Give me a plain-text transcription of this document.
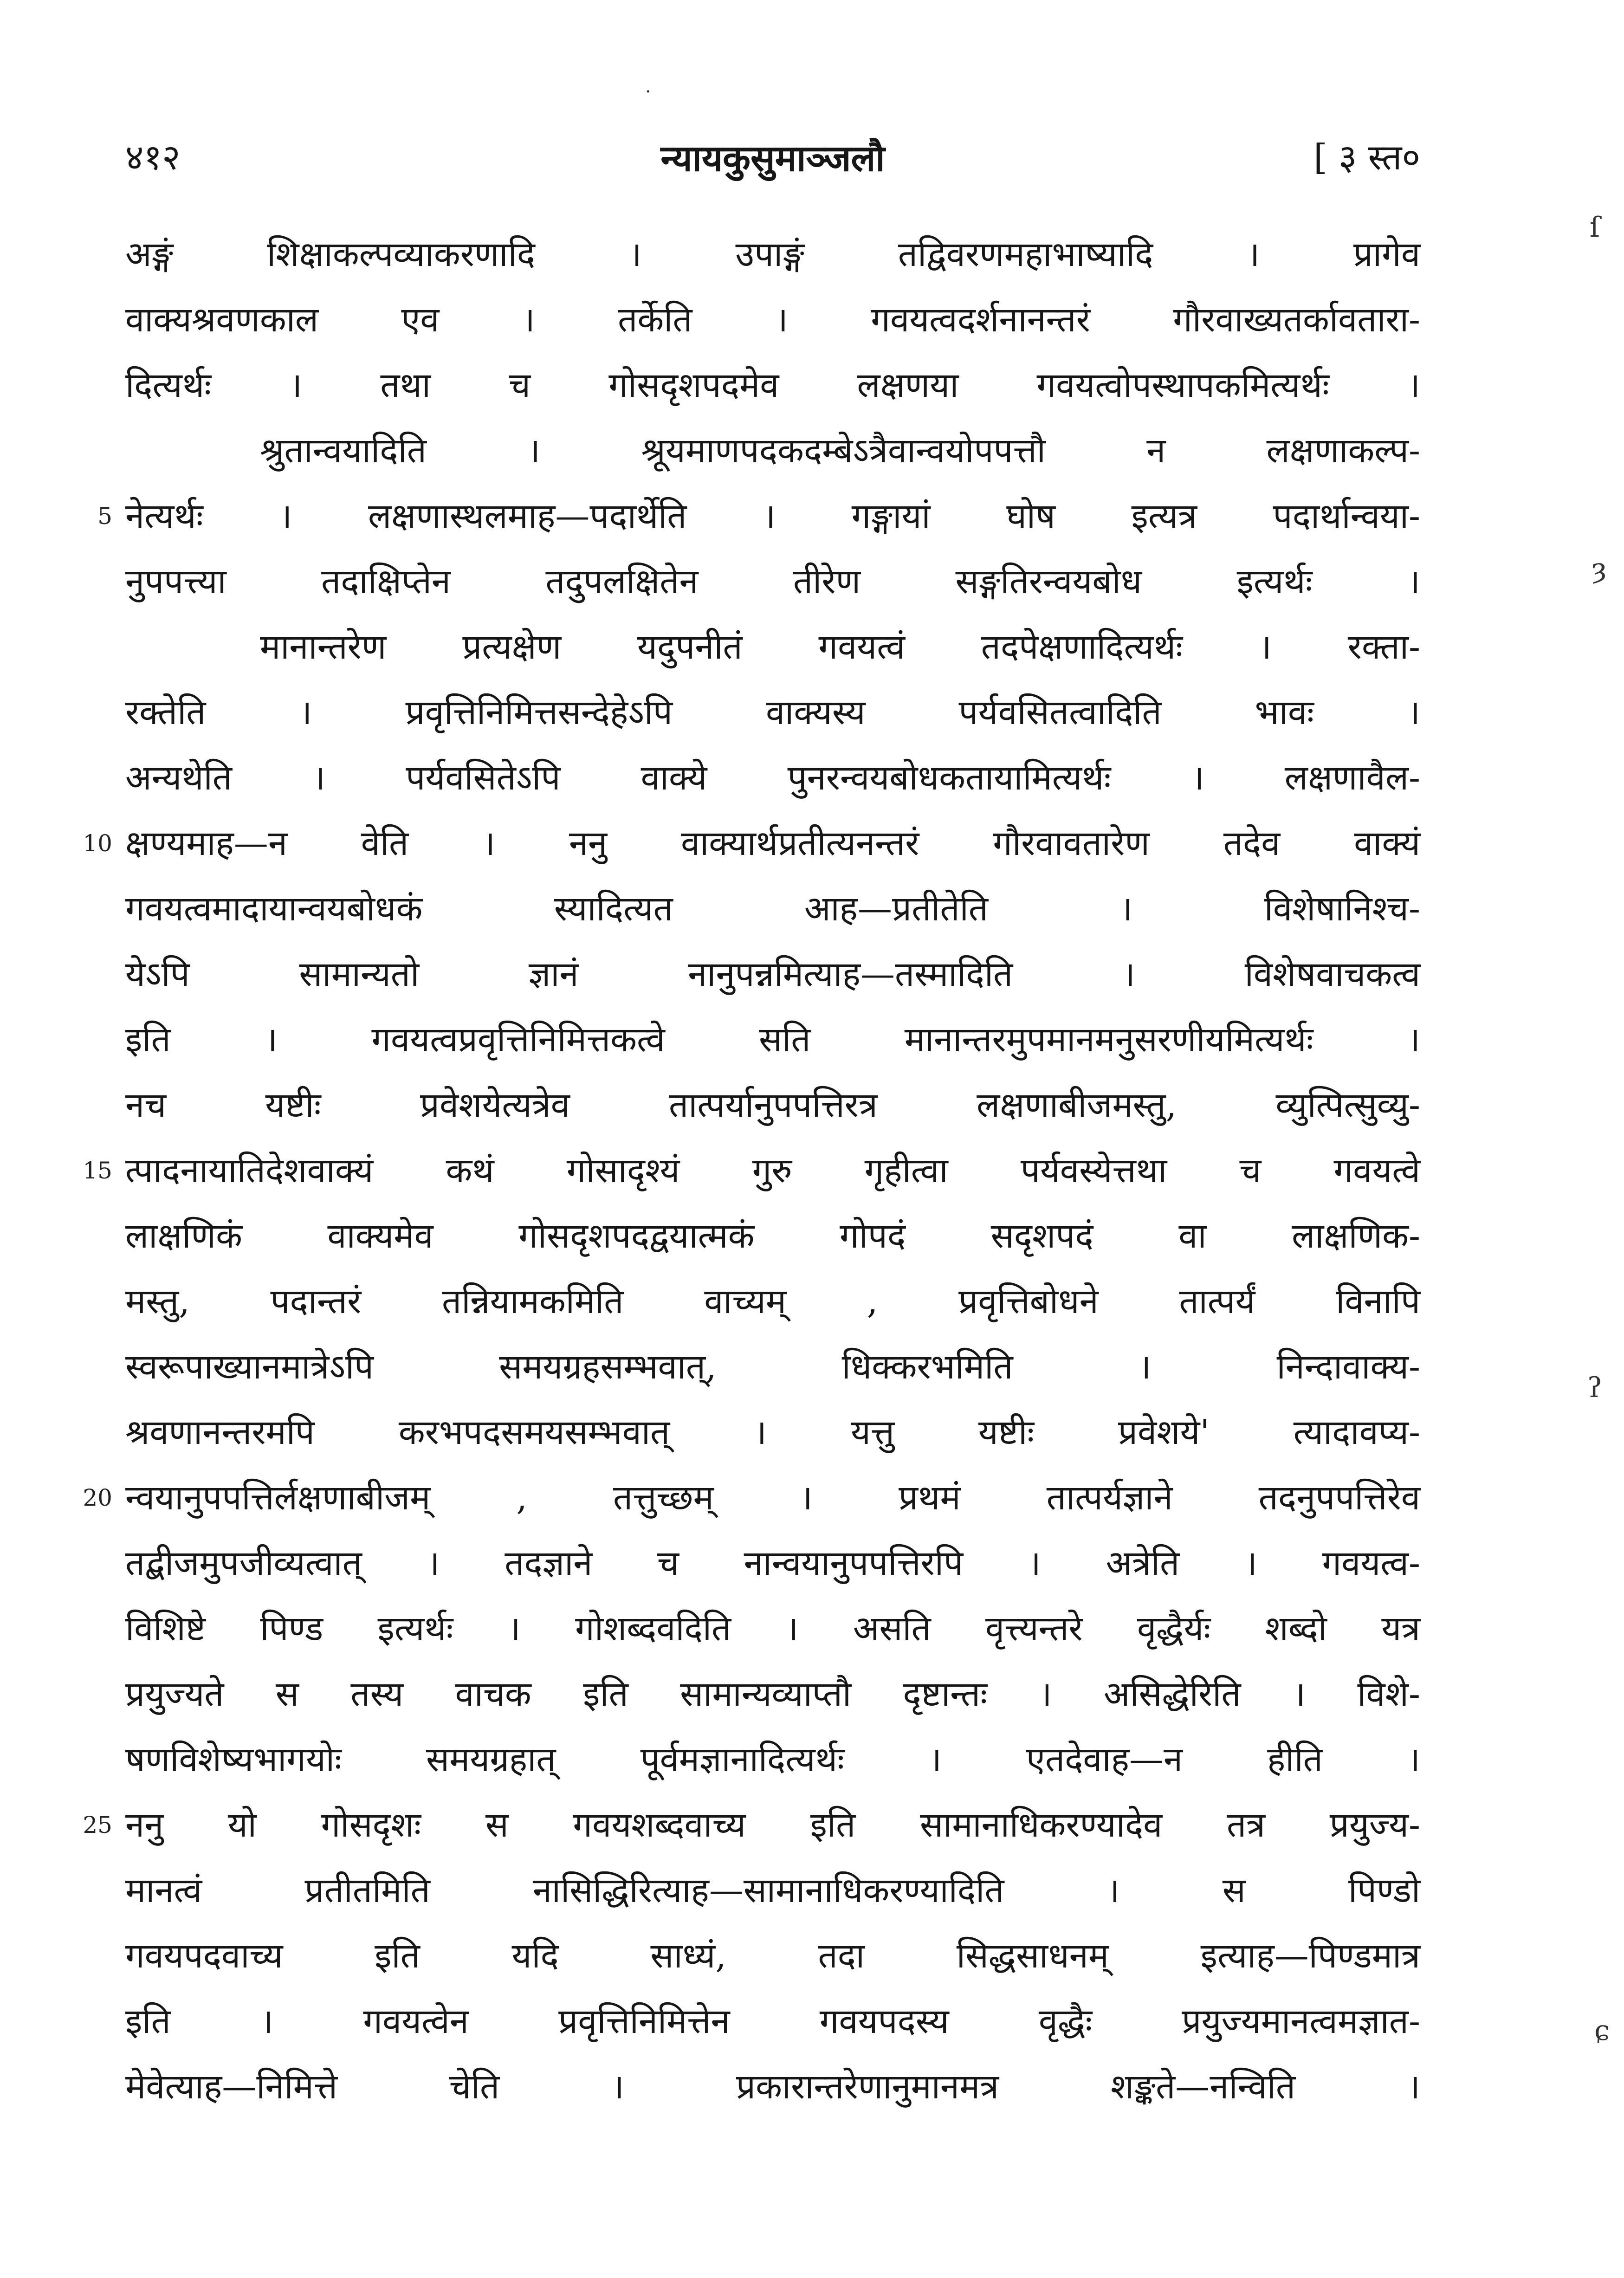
४१२	न्यायकुसुमाञ्जलौ	[ ३ स्त०
अङ्गं शिक्षाकल्पव्याकरणादि । उपाङ्गं तद्विवरणमहाभाष्यादि । प्रागेव
वाक्यश्रवणकाल एव । तर्केति । गवयत्वदर्शनानन्तरं गौरवाख्यतर्कावतारा-
दित्यर्थः । तथा च गोसदृशपदमेव लक्षणया गवयत्वोपस्थापकमित्यर्थः ।
श्रुतान्वयादिति । श्रूयमाणपदकदम्बेऽत्रैवान्वयोपपत्तौ न लक्षणाकल्प-
5 नेत्यर्थः । लक्षणास्थलमाह—पदार्थेति । गङ्गायां घोष इत्यत्र पदार्थान्वया-
नुपपत्त्या तदाक्षिप्तेन तदुपलक्षितेन तीरेण सङ्गतिरन्वयबोध इत्यर्थः ।
मानान्तरेण प्रत्यक्षेण यदुपनीतं गवयत्वं तदपेक्षणादित्यर्थः । रक्ता-
रक्तेति । प्रवृत्तिनिमित्तसन्देहेऽपि वाक्यस्य पर्यवसितत्वादिति भावः ।
अन्यथेति । पर्यवसितेऽपि वाक्ये पुनरन्वयबोधकतायामित्यर्थः । लक्षणावैल-
10 क्षण्यमाह—न वेति । ननु वाक्यार्थप्रतीत्यनन्तरं गौरवावतारेण तदेव वाक्यं
गवयत्वमादायान्वयबोधकं स्यादित्यत आह—प्रतीतेति । विशेषानिश्च-
येऽपि सामान्यतो ज्ञानं नानुपन्नमित्याह—तस्मादिति । विशेषवाचकत्व
इति । गवयत्वप्रवृत्तिनिमित्तकत्वे सति मानान्तरमुपमानमनुसरणीयमित्यर्थः ।
नच यष्टीः प्रवेशयेत्यत्रेव तात्पर्यानुपपत्तिरत्र लक्षणाबीजमस्तु, व्युत्पित्सुव्यु-
15 त्पादनायातिदेशवाक्यं कथं गोसादृश्यं गुरु गृहीत्वा पर्यवस्येत्तथा च गवयत्वे
लाक्षणिकं वाक्यमेव गोसदृशपदद्वयात्मकं गोपदं सदृशपदं वा लाक्षणिक-
मस्तु, पदान्तरं तन्नियामकमिति वाच्यम् , प्रवृत्तिबोधने तात्पर्यं विनापि
स्वरूपाख्यानमात्रेऽपि समयग्रहसम्भवात्, धिक्करभमिति । निन्दावाक्य-
श्रवणानन्तरमपि करभपदसमयसम्भवात् । यत्तु यष्टीः प्रवेशये' त्यादावप्य-
20 न्वयानुपपत्तिर्लक्षणाबीजम् , तत्तुच्छम् । प्रथमं तात्पर्यज्ञाने तदनुपपत्तिरेव
तद्बीजमुपजीव्यत्वात् । तदज्ञाने च नान्वयानुपपत्तिरपि । अत्रेति । गवयत्व-
विशिष्टे पिण्ड इत्यर्थः । गोशब्दवदिति । असति वृत्त्यन्तरे वृद्धैर्यः शब्दो यत्र
प्रयुज्यते स तस्य वाचक इति सामान्यव्याप्तौ दृष्टान्तः । असिद्धेरिति । विशे-
षणविशेष्यभागयोः समयग्रहात् पूर्वमज्ञानादित्यर्थः । एतदेवाह—न हीति ।
25 ननु यो गोसदृशः स गवयशब्दवाच्य इति सामानाधिकरण्यादेव तत्र प्रयुज्य-
मानत्वं प्रतीतमिति नासिद्धिरित्याह—सामानाधिकरण्यादिति । स पिण्डो
गवयपदवाच्य इति यदि साध्यं, तदा सिद्धसाधनम् इत्याह—पिण्डमात्र
इति । गवयत्वेन प्रवृत्तिनिमित्तेन गवयपदस्य वृद्धैः प्रयुज्यमानत्वमज्ञात-
मेवेत्याह—निमित्ते चेति । प्रकारान्तरेणानुमानमत्र शङ्कते—नन्विति ।
ſ
ȝ
ʔ
ɕ
·
